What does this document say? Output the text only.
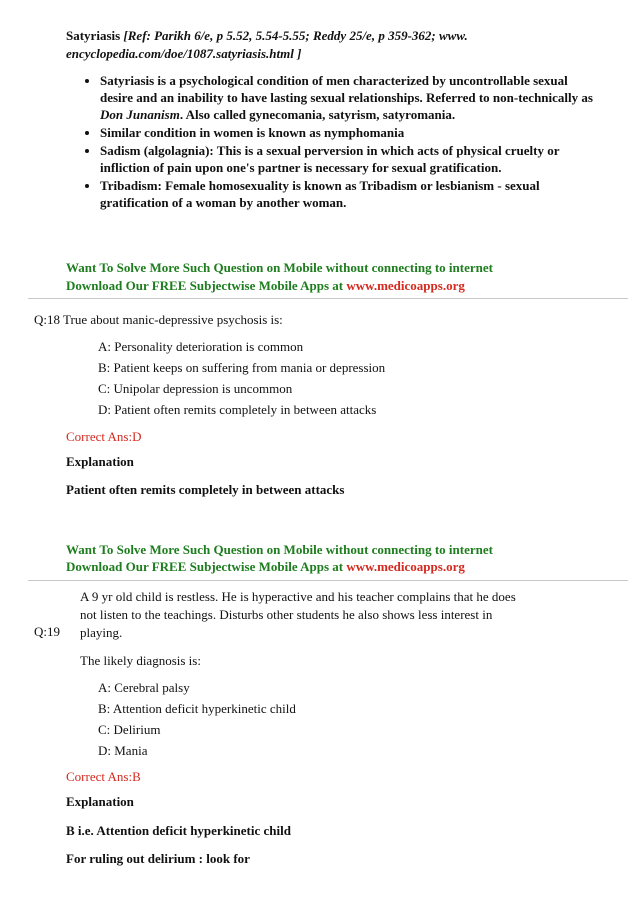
Satyriasis [Ref: Parikh 6/e, p 5.52, 5.54-5.55; Reddy 25/e, p 359-362; www.
encyclopedia.com/doe/1087.satyriasis.html ]
• Satyriasis is a psychological condition of men characterized by uncontrollable sexual desire and an inability to have lasting sexual relationships. Referred to non-technically as Don Junanism. Also called gynecomania, satyrism, satyromania.
• Similar condition in women is known as nymphomania
• Sadism (algolagnia): This is a sexual perversion in which acts of physical cruelty or infliction of pain upon one's partner is necessary for sexual gratification.
• Tribadism: Female homosexuality is known as Tribadism or lesbianism - sexual gratification of a woman by another woman.
Want To Solve More Such Question on Mobile without connecting to internet
Download Our FREE Subjectwise Mobile Apps at www.medicoapps.org
Q:18 True about manic-depressive psychosis is:
A: Personality deterioration is common
B: Patient keeps on suffering from mania or depression
C: Unipolar depression is uncommon
D: Patient often remits completely in between attacks
Correct Ans:D
Explanation
Patient often remits completely in between attacks
Want To Solve More Such Question on Mobile without connecting to internet
Download Our FREE Subjectwise Mobile Apps at www.medicoapps.org
Q:19
A 9 yr old child is restless. He is hyperactive and his teacher complains that he does
not listen to the teachings. Disturbs other students he also shows less interest in
playing.
The likely diagnosis is:
A: Cerebral palsy
B: Attention deficit hyperkinetic child
C: Delirium
D: Mania
Correct Ans:B
Explanation
B i.e. Attention deficit hyperkinetic child
For ruling out delirium : look for
